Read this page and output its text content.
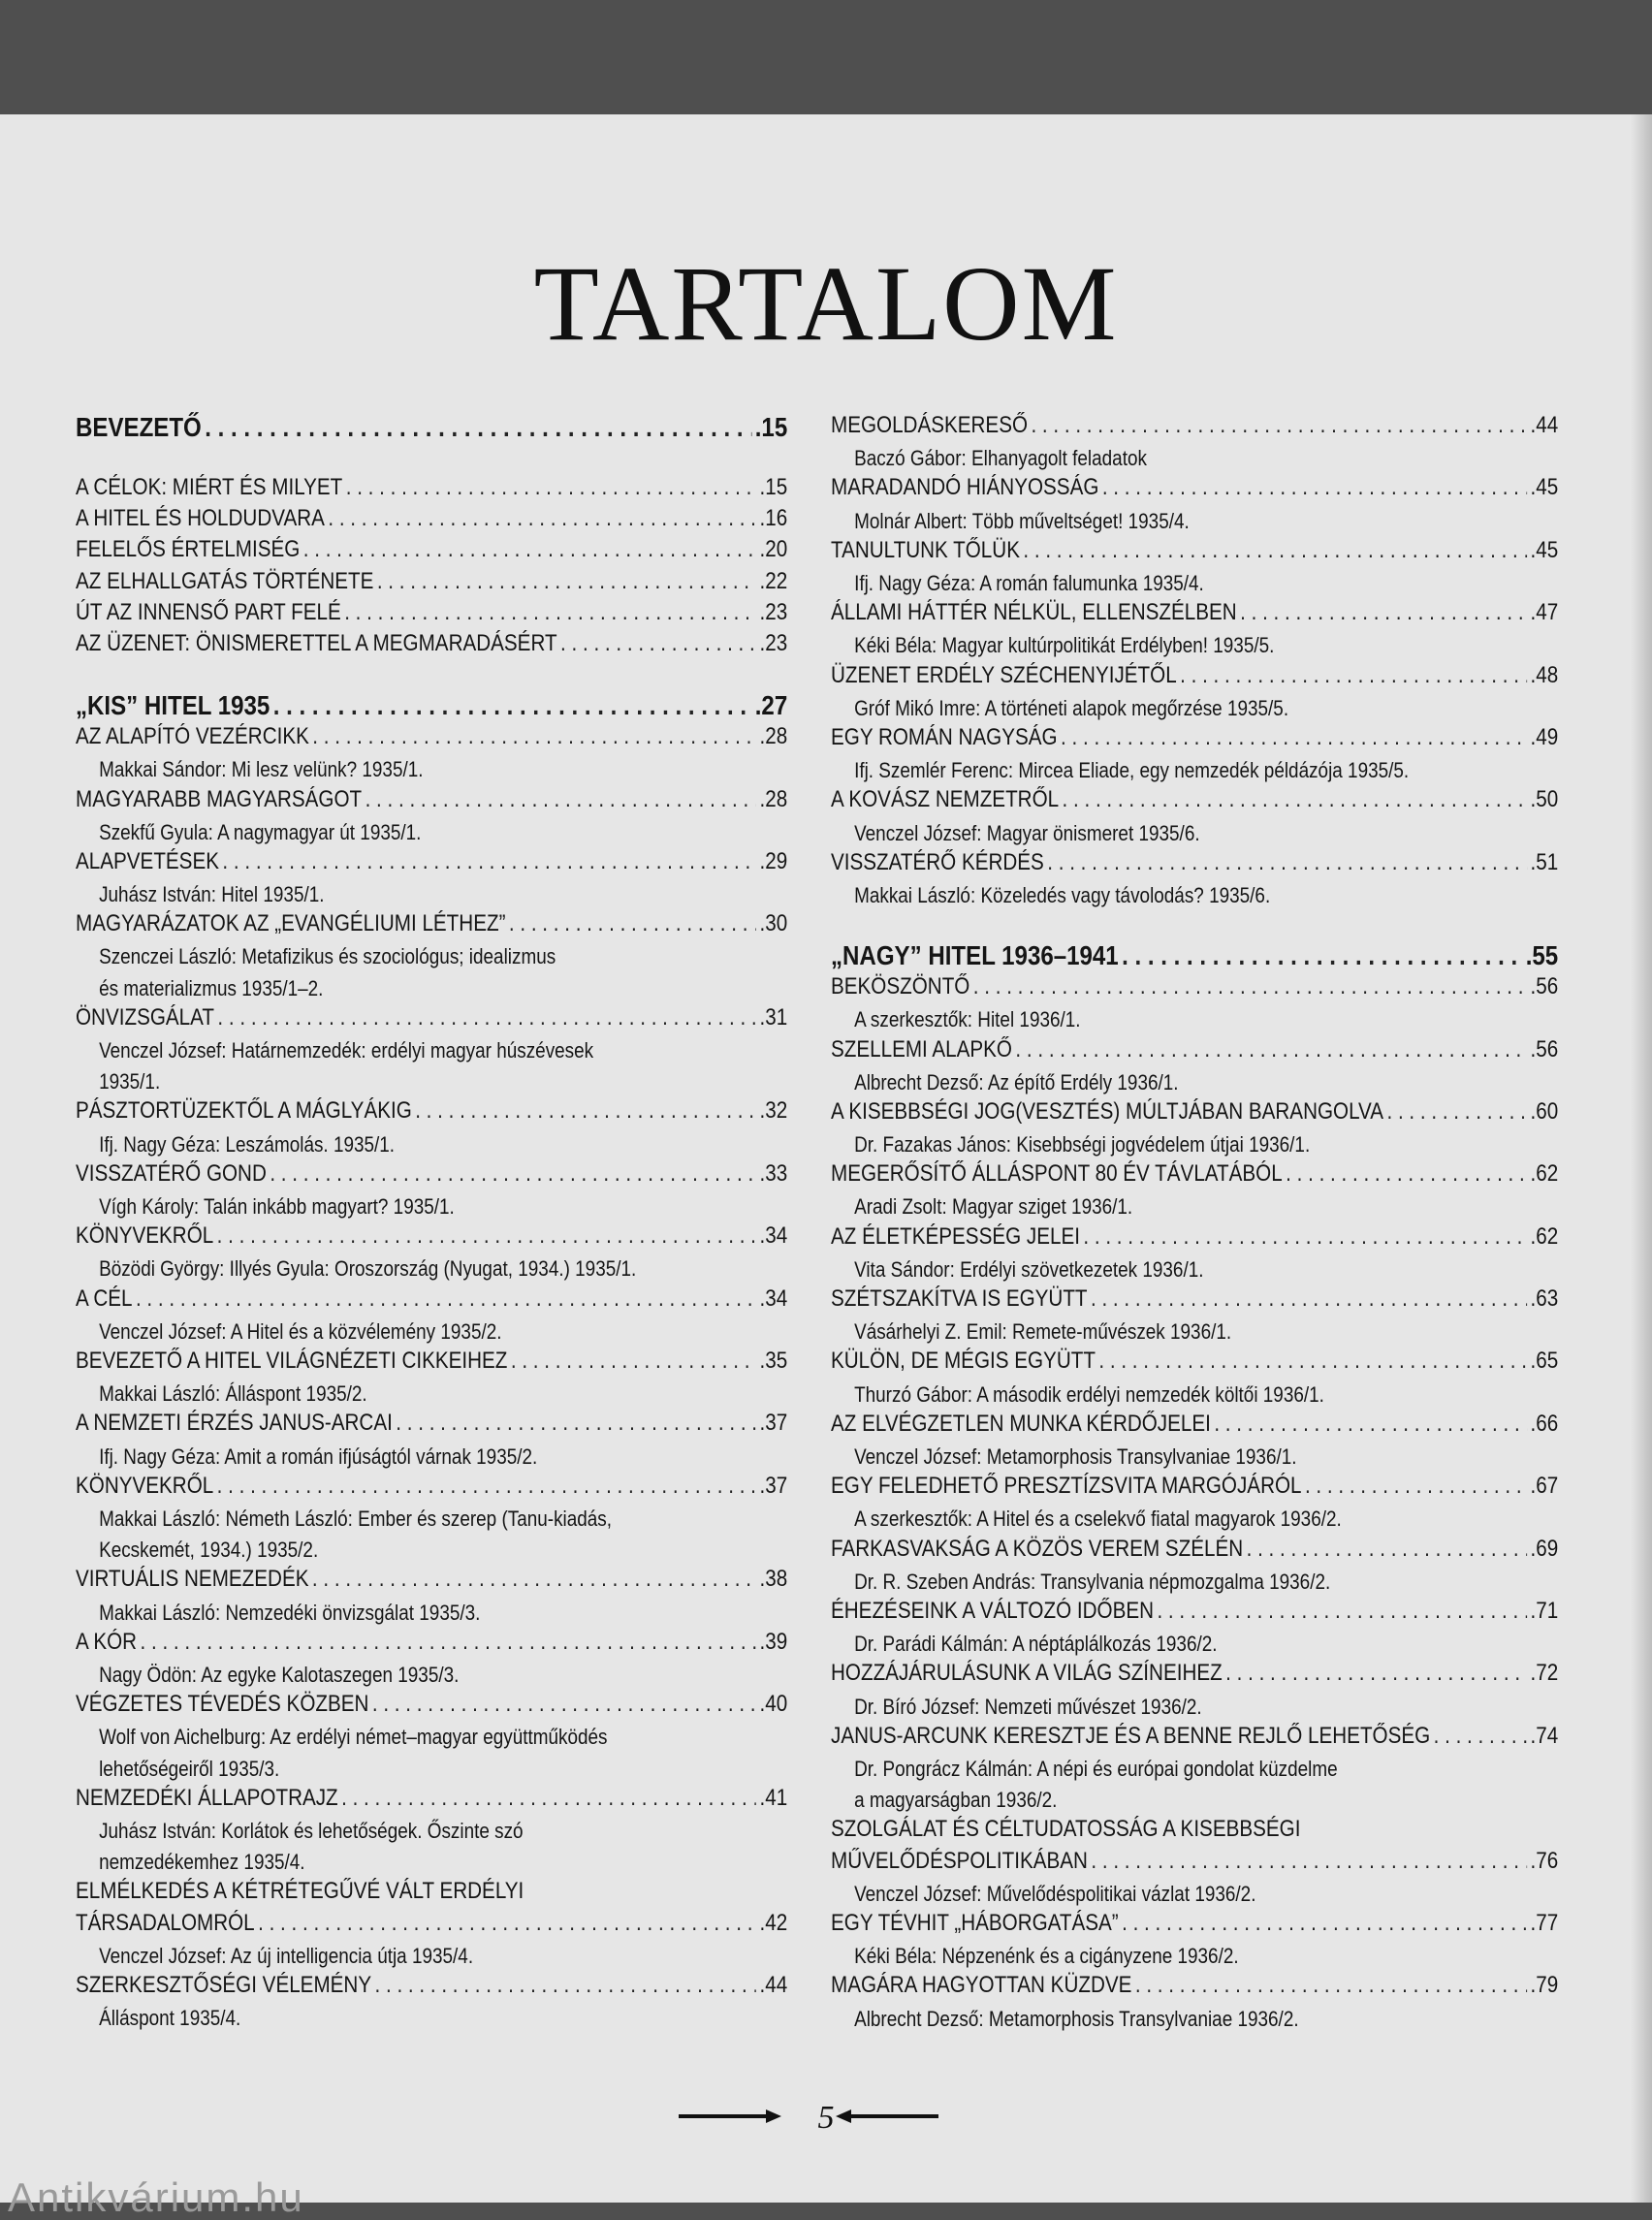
TARTALOM
BEVEZETŐ . . .	.15
A CÉLOK: MIÉRT ÉS MILYET . . .	.15
A HITEL ÉS HOLDUDVARA . . .	.16
FELELŐS ÉRTELMISÉG . . .	.20
AZ ELHALLGATÁS TÖRTÉNETE . . .	.22
ÚT AZ INNENSŐ PART FELÉ . . .	.23
AZ ÜZENET: ÖNISMERETTEL A MEGMARADÁSÉRT . . .	.23
„KIS” HITEL 1935 . . .	.27
AZ ALAPÍTÓ VEZÉRCIKK . . .	.28
Makkai Sándor: Mi lesz velünk? 1935/1.
MAGYARABB MAGYARSÁGOT . . .	.28
Szekfű Gyula: A nagymagyar út 1935/1.
ALAPVETÉSEK . . .	.29
Juhász István: Hitel 1935/1.
MAGYARÁZATOK AZ „EVANGÉLIUMI LÉTHEZ” . . .	.30
Szenczei László: Metafizikus és szociológus; idealizmus
és materializmus 1935/1–2.
ÖNVIZSGÁLAT . . .	.31
Venczel József: Határnemzedék: erdélyi magyar húszévesek
1935/1.
PÁSZTORTÜZEKTŐL A MÁGLYÁKIG . . .	.32
Ifj. Nagy Géza: Leszámolás. 1935/1.
VISSZATÉRŐ GOND . . .	.33
Vígh Károly: Talán inkább magyart? 1935/1.
KÖNYVEKRŐL . . .	.34
Bözödi György: Illyés Gyula: Oroszország (Nyugat, 1934.) 1935/1.
A CÉL . . .	.34
Venczel József: A Hitel és a közvélemény 1935/2.
BEVEZETŐ A HITEL VILÁGNÉZETI CIKKEIHEZ . . .	.35
Makkai László: Álláspont 1935/2.
A NEMZETI ÉRZÉS JANUS-ARCAI . . .	.37
Ifj. Nagy Géza: Amit a román ifjúságtól várnak 1935/2.
KÖNYVEKRŐL . . .	.37
Makkai László: Németh László: Ember és szerep (Tanu-kiadás,
Kecskemét, 1934.) 1935/2.
VIRTUÁLIS NEMEZEDÉK . . .	.38
Makkai László: Nemzedéki önvizsgálat 1935/3.
A KÓR . . .	.39
Nagy Ödön: Az egyke Kalotaszegen 1935/3.
VÉGZETES TÉVEDÉS KÖZBEN . . .	.40
Wolf von Aichelburg: Az erdélyi német–magyar együttműködés
lehetőségeiről 1935/3.
NEMZEDÉKI ÁLLAPOTRAJZ . . .	.41
Juhász István: Korlátok és lehetőségek. Őszinte szó
nemzedékemhez 1935/4.
ELMÉLKEDÉS A KÉTRÉTEGŰVÉ VÁLT ERDÉLYI
TÁRSADALOMRÓL . . .	.42
Venczel József: Az új intelligencia útja 1935/4.
SZERKESZTŐSÉGI VÉLEMÉNY . . .	.44
Álláspont 1935/4.
MEGOLDÁSKERESŐ . . .	.44
Baczó Gábor: Elhanyagolt feladatok
MARADANDÓ HIÁNYOSSÁG . . .	.45
Molnár Albert: Több műveltséget! 1935/4.
TANULTUNK TŐLÜK . . .	.45
Ifj. Nagy Géza: A román falumunka 1935/4.
ÁLLAMI HÁTTÉR NÉLKÜL, ELLENSZÉLBEN . . .	.47
Kéki Béla: Magyar kultúrpolitikát Erdélyben! 1935/5.
ÜZENET ERDÉLY SZÉCHENYIJÉTŐL . . .	.48
Gróf Mikó Imre: A történeti alapok megőrzése 1935/5.
EGY ROMÁN NAGYSÁG . . .	.49
Ifj. Szemlér Ferenc: Mircea Eliade, egy nemzedék példázója 1935/5.
A KOVÁSZ NEMZETRŐL . . .	.50
Venczel József: Magyar önismeret 1935/6.
VISSZATÉRŐ KÉRDÉS . . .	.51
Makkai László: Közeledés vagy távolodás? 1935/6.
„NAGY” HITEL 1936–1941 . . .	.55
BEKÖSZÖNTŐ . . .	.56
A szerkesztők: Hitel 1936/1.
SZELLEMI ALAPKŐ . . .	.56
Albrecht Dezső: Az építő Erdély 1936/1.
A KISEBBSÉGI JOG(VESZTÉS) MÚLTJÁBAN BARANGOLVA . . .	.60
Dr. Fazakas János: Kisebbségi jogvédelem útjai 1936/1.
MEGERŐSÍTŐ ÁLLÁSPONT 80 ÉV TÁVLATÁBÓL . . .	.62
Aradi Zsolt: Magyar sziget 1936/1.
AZ ÉLETKÉPESSÉG JELEI . . .	.62
Vita Sándor: Erdélyi szövetkezetek 1936/1.
SZÉTSZAKÍTVA IS EGYÜTT . . .	.63
Vásárhelyi Z. Emil: Remete-művészek 1936/1.
KÜLÖN, DE MÉGIS EGYÜTT . . .	.65
Thurzó Gábor: A második erdélyi nemzedék költői 1936/1.
AZ ELVÉGZETLEN MUNKA KÉRDŐJELEI . . .	.66
Venczel József: Metamorphosis Transylvaniae 1936/1.
EGY FELEDHETŐ PRESZTÍZSVITA MARGÓJÁRÓL . . .	.67
A szerkesztők: A Hitel és a cselekvő fiatal magyarok 1936/2.
FARKASVAKSÁG A KÖZÖS VEREM SZÉLÉN . . .	.69
Dr. R. Szeben András: Transylvania népmozgalma 1936/2.
ÉHEZÉSEINK A VÁLTOZÓ IDŐBEN . . .	.71
Dr. Parádi Kálmán: A néptáplálkozás 1936/2.
HOZZÁJÁRULÁSUNK A VILÁG SZÍNEIHEZ . . .	.72
Dr. Bíró József: Nemzeti művészet 1936/2.
JANUS-ARCUNK KERESZTJE ÉS A BENNE REJLŐ LEHETŐSÉG . . .	.74
Dr. Pongrácz Kálmán: A népi és európai gondolat küzdelme
a magyarságban 1936/2.
SZOLGÁLAT ÉS CÉLTUDATOSSÁG A KISEBBSÉGI
MŰVELŐDÉSPOLITIKÁBAN . . .	.76
Venczel József: Művelődéspolitikai vázlat 1936/2.
EGY TÉVHIT „HÁBORGATÁSA” . . .	.77
Kéki Béla: Népzenénk és a cigányzene 1936/2.
MAGÁRA HAGYOTTAN KÜZDVE . . .	.79
Albrecht Dezső: Metamorphosis Transylvaniae 1936/2.
5
Antikvárium.hu
